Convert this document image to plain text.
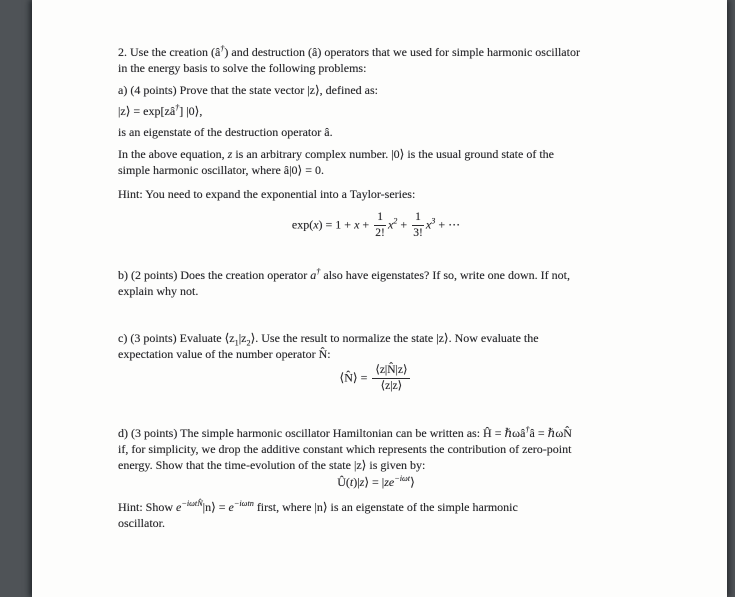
2. Use the creation (â†) and destruction (â) operators that we used for simple harmonic oscillator
in the energy basis to solve the following problems:
a) (4 points) Prove that the state vector |z⟩, defined as:
|z⟩ = exp[zâ†] |0⟩,
is an eigenstate of the destruction operator â.
In the above equation, z is an arbitrary complex number. |0⟩ is the usual ground state of the
simple harmonic oscillator, where â|0⟩ = 0.
Hint: You need to expand the exponential into a Taylor-series:
$\exp(x) = 1 + x + \frac{1}{2!} x^2 + \frac{1}{3!} x^3$ + ⋯
b) (2 points) Does the creation operator a† also have eigenstates? If so, write one down. If not,
explain why not.
c) (3 points) Evaluate $⟨z_1|z_2⟩$. Use the result to normalize the state |z⟩. Now evaluate the
expectation value of the number operator N̂:
⟨N̂⟩ = $\frac{⟨z|N̂|z⟩}{⟨z|z⟩}$
d) (3 points) The simple harmonic oscillator Hamiltonian can be written as: Ĥ = ℏωâ†â = ℏωN̂
if, for simplicity, we drop the additive constant which represents the contribution of zero-point
energy. Show that the time-evolution of the state |z⟩ is given by:
Û(t)|z⟩ = $|ze^{-i\omega t}⟩$
Hint: Show $e^{-i\omega tN̂}|n⟩ = e^{-i\omega tn}$ first, where |n⟩ is an eigenstate of the simple harmonic
oscillator.
